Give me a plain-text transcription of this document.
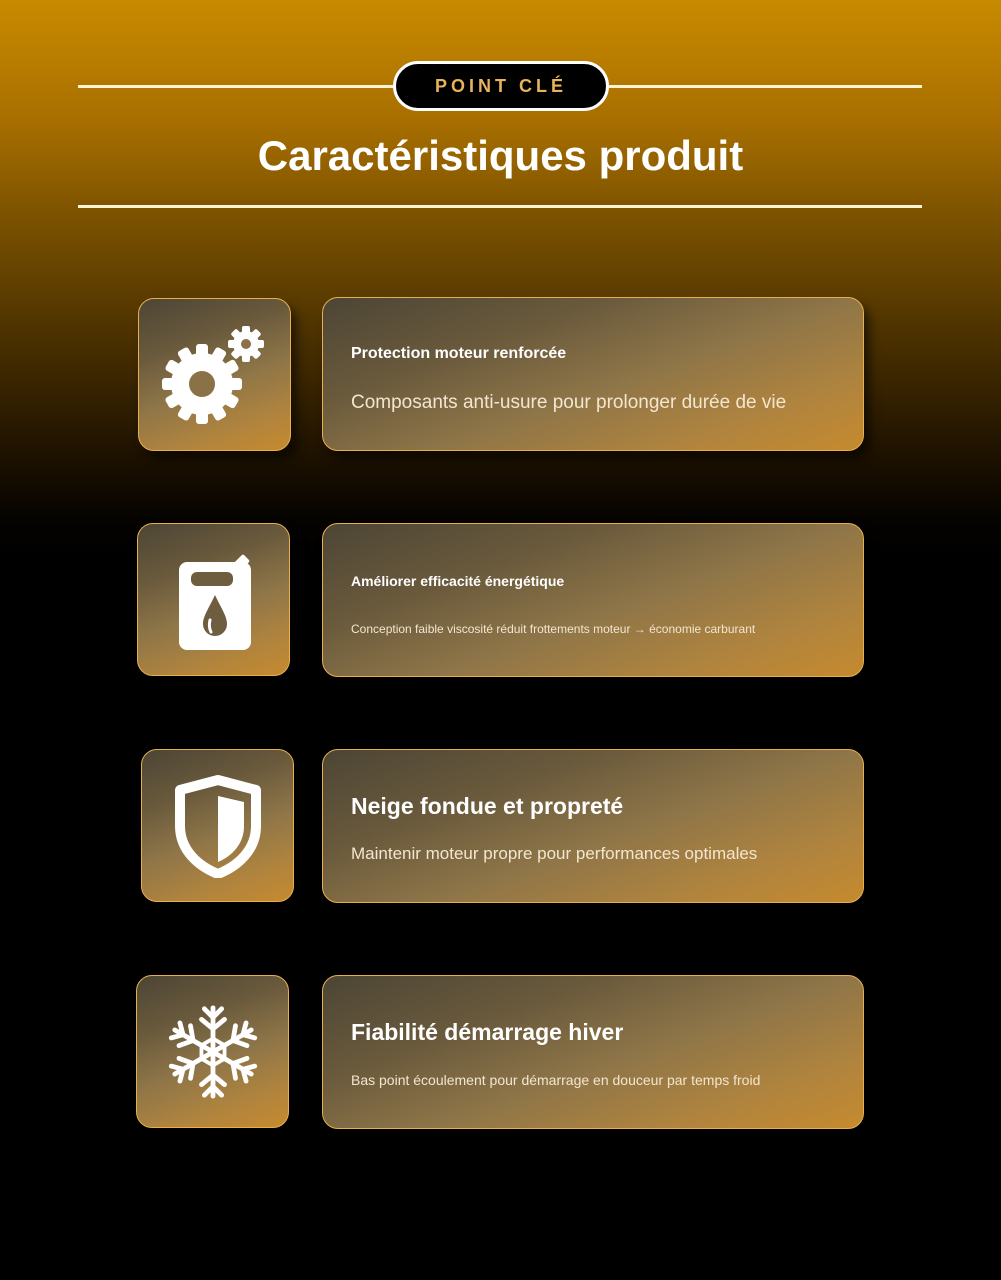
POINT CLÉ
Caractéristiques produit
Protection moteur renforcée
Composants anti-usure pour prolonger durée de vie
Améliorer efficacité énergétique
Conception faible viscosité réduit frottements moteur → économie carburant
Neige fondue et propreté
Maintenir moteur propre pour performances optimales
Fiabilité démarrage hiver
Bas point écoulement pour démarrage en douceur par temps froid
